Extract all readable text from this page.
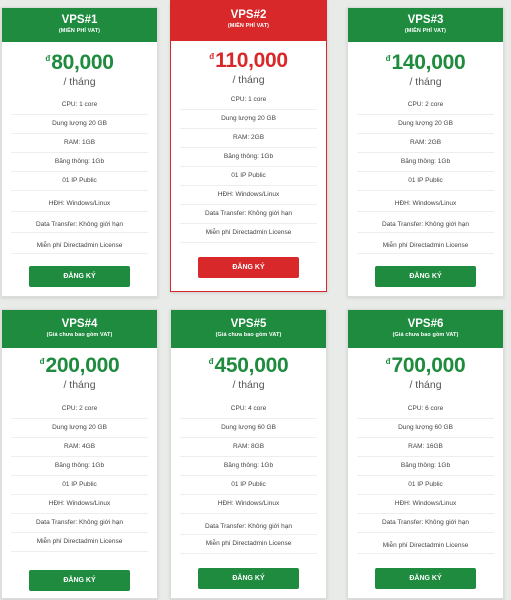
VPS#1
(MIỄN PHÍ VAT)
$^đ$80,000
/ tháng
CPU: 1 core
Dung lượng 20 GB
RAM: 1GB
Băng thông: 1Gb
01 IP Public
HĐH: Windows/Linux
Data Transfer: Không giới hạn
Miễn phí Directadmin License
ĐĂNG KÝ
VPS#2
(MIỄN PHÍ VAT)
$^đ$110,000
/ tháng
CPU: 1 core
Dung lượng 20 GB
RAM: 2GB
Băng thông: 1Gb
01 IP Public
HĐH: Windows/Linux
Data Transfer: Không giới hạn
Miễn phí Directadmin License
ĐĂNG KÝ
VPS#3
(MIỄN PHÍ VAT)
$^đ$140,000
/ tháng
CPU: 2 core
Dung lượng 20 GB
RAM: 2GB
Băng thông: 1Gb
01 IP Public
HĐH: Windows/Linux
Data Transfer: Không giới hạn
Miễn phí Directadmin License
ĐĂNG KÝ
VPS#4
(Giá chưa bao gồm VAT)
$^đ$200,000
/ tháng
CPU: 2 core
Dung lượng 20 GB
RAM: 4GB
Băng thông: 1Gb
01 IP Public
HĐH: Windows/Linux
Data Transfer: Không giới hạn
Miễn phí Directadmin License
ĐĂNG KÝ
VPS#5
(Giá chưa bao gồm VAT)
$^đ$450,000
/ tháng
CPU: 4 core
Dung lượng 60 GB
RAM: 8GB
Băng thông: 1Gb
01 IP Public
HĐH: Windows/Linux
Data Transfer: Không giới hạn
Miễn phí Directadmin License
ĐĂNG KÝ
VPS#6
(Giá chưa bao gồm VAT)
$^đ$700,000
/ tháng
CPU: 6 core
Dung lượng 60 GB
RAM: 16GB
Băng thông: 1Gb
01 IP Public
HĐH: Windows/Linux
Data Transfer: Không giới hạn
Miễn phí Directadmin License
ĐĂNG KÝ
